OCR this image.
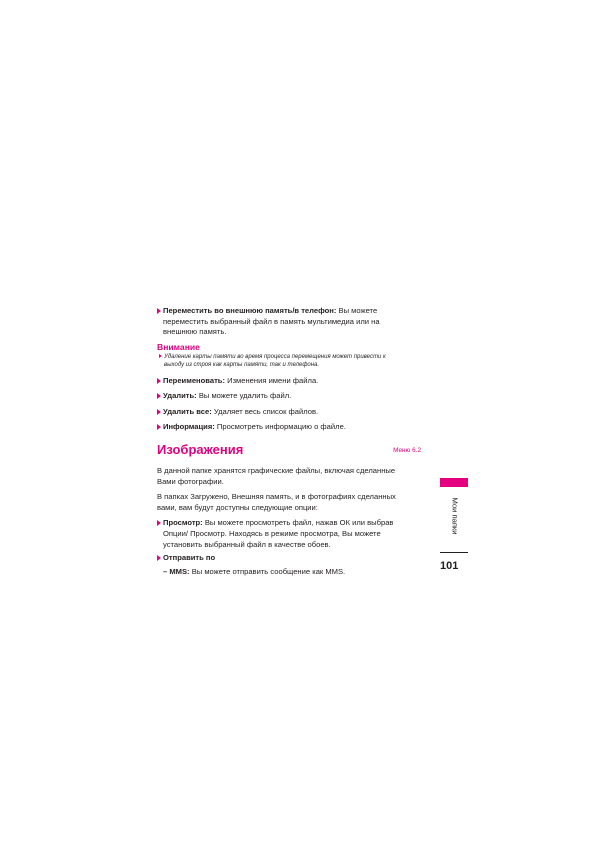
Переместить во внешнюю память/в телефон: Вы можете переместить выбранный файл в память мультимедиа или на внешнюю память.
Внимание
Удаление карты памяти во время процесса перемещения может привести к выходу из строя как карты памяти, так и телефона.
Переименовать: Изменения имени файла.
Удалить: Вы можете удалить файл.
Удалить все: Удаляет весь список файлов.
Информация: Просмотреть информацию о файле.
Изображения	Меню 6.2
В данной папке хранятся графические файлы, включая сделанные Вами фотографии.
В папках Загружено, Внешняя память, и в фотографиях сделанных вами, вам будут доступны следующие опции:
Просмотр: Вы можете просмотреть файл, нажав ОК или выбрав Опции/ Просмотр. Находясь в режиме просмотра, Вы можете установить выбранный файл в качестве обоев.
Отправить по
– MMS: Вы можете отправить сообщение как MMS.
Мои папки
101
